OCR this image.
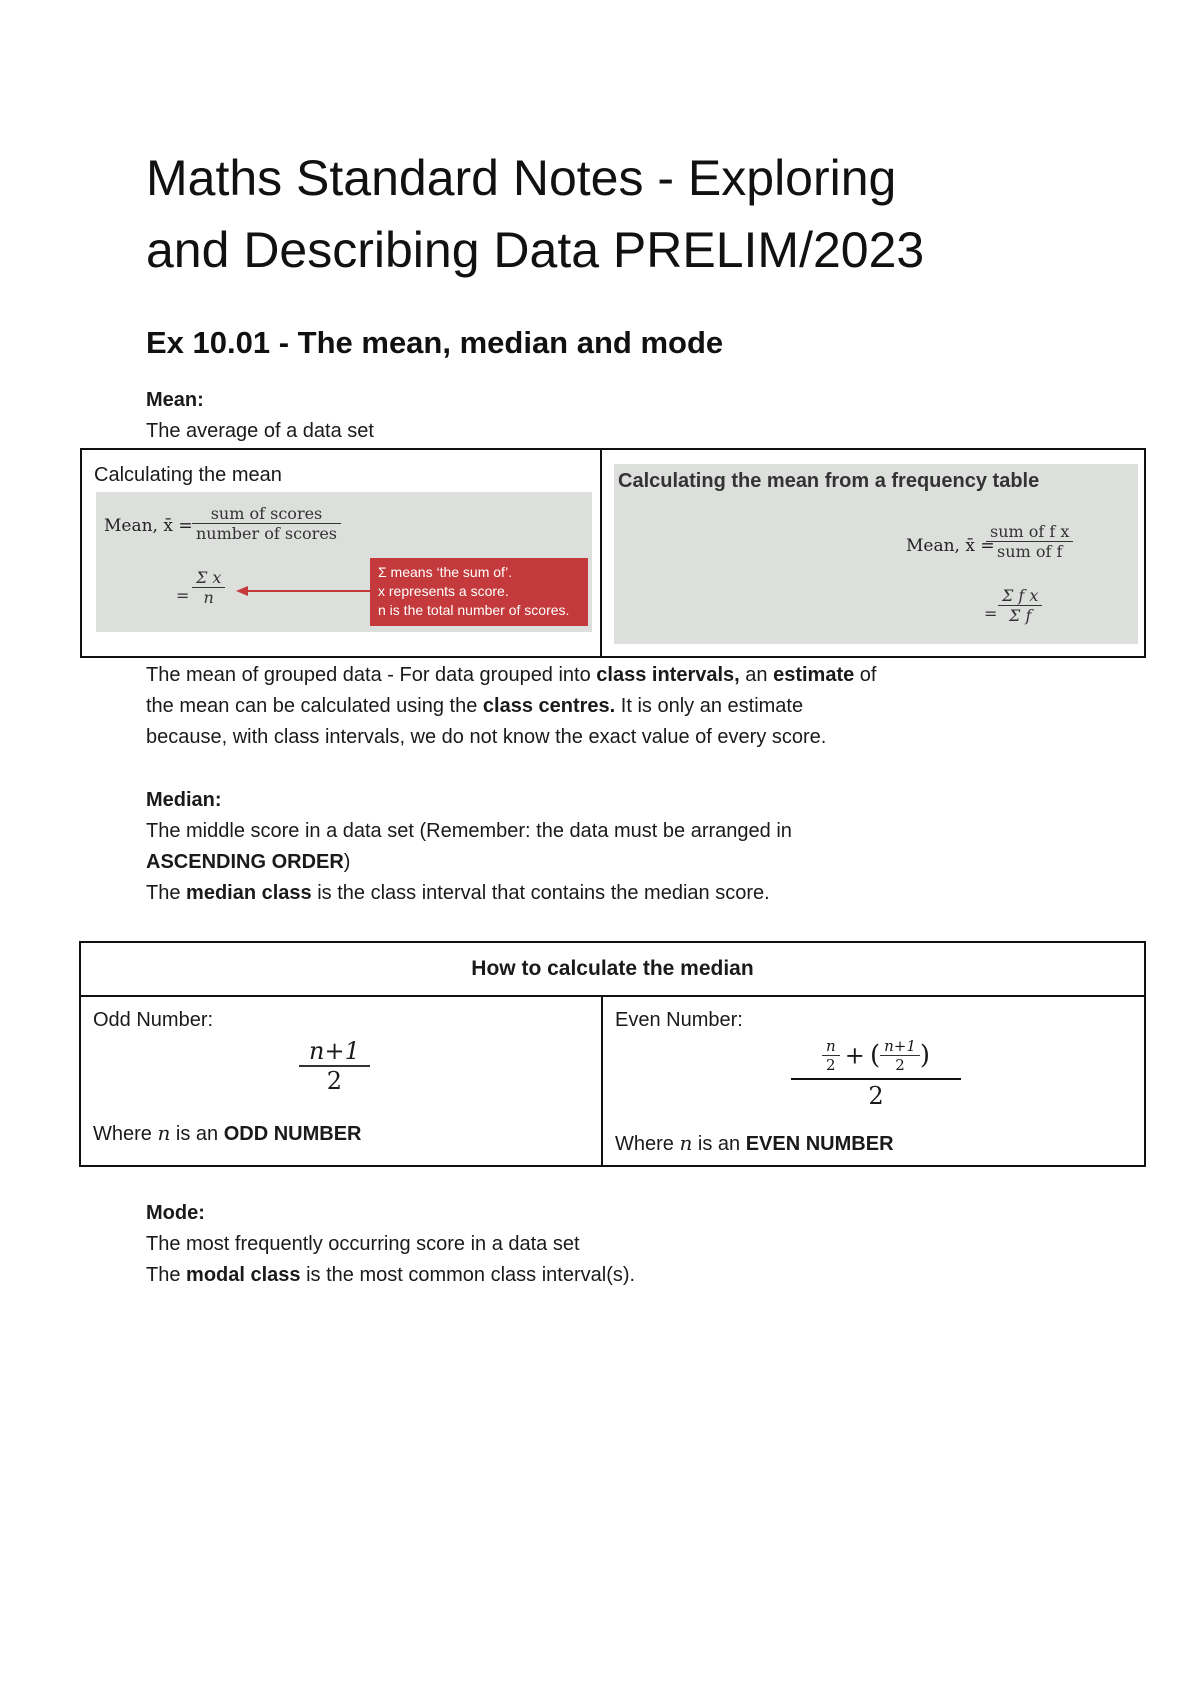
Maths Standard Notes - Exploring
and Describing Data PRELIM/2023
Ex 10.01 - The mean, median and mode
Mean:
The average of a data set
Calculating the mean
Mean, x̄ =
sum of scores
number of scores
= $\frac{\text{Σ x}}{n}$	Σ means ‘the sum of’.
x represents a score.
n is the total number of scores.
Calculating the mean from a frequency table
Mean, x̄ =
sum of f x
sum of f
= $\frac{\text{Σ f x}}{\text{Σ f}}$
The mean of grouped data - For data grouped into class intervals, an estimate of
the mean can be calculated using the class centres. It is only an estimate
because, with class intervals, we do not know the exact value of every score.
Median:
The middle score in a data set (Remember: the data must be arranged in
ASCENDING ORDER)
The median class is the class interval that contains the median score.
How to calculate the median
Odd Number:
$\frac{n+1}{2}$
Where n is an ODD NUMBER
Even Number:
$\frac{n}{2}$ + ( $\frac{n+1}{2}$ )
2
Where n is an EVEN NUMBER
Mode:
The most frequently occurring score in a data set
The modal class is the most common class interval(s).
